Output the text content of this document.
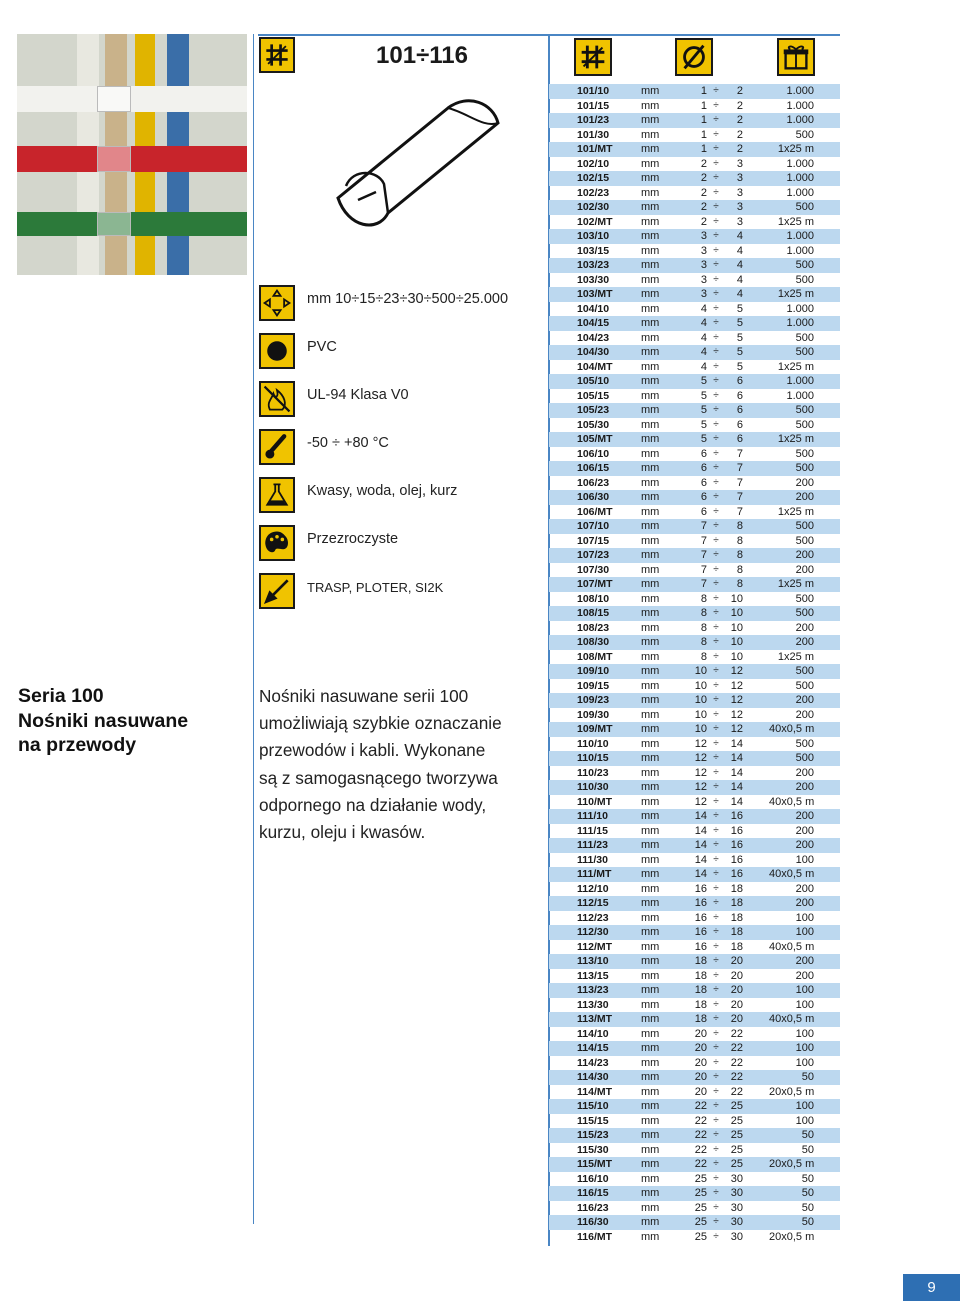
Seria 100
Nośniki nasuwane
na przewody
101÷116
mm 10÷15÷23÷30÷500÷25.000
PVC
UL-94 Klasa V0
-50 ÷ +80 °C
Kwasy, woda, olej, kurz
Przezroczyste
TRASP, PLOTER, SI2K
Nośniki nasuwane serii 100
umożliwiają szybkie oznaczanie
przewodów i kabli. Wykonane
są z samogasnącego tworzywa
odpornego na działanie wody,
kurzu, oleju i kwasów.
101/10	mm	1 ÷	2	1.000
101/15	mm	1 ÷	2	1.000
101/23	mm	1 ÷	2	1.000
101/30	mm	1 ÷	2	500
101/MT	mm	1 ÷	2	1x25 m
102/10	mm	2 ÷	3	1.000
102/15	mm	2 ÷	3	1.000
102/23	mm	2 ÷	3	1.000
102/30	mm	2 ÷	3	500
102/MT	mm	2 ÷	3	1x25 m
103/10	mm	3 ÷	4	1.000
103/15	mm	3 ÷	4	1.000
103/23	mm	3 ÷	4	500
103/30	mm	3 ÷	4	500
103/MT	mm	3 ÷	4	1x25 m
104/10	mm	4 ÷	5	1.000
104/15	mm	4 ÷	5	1.000
104/23	mm	4 ÷	5	500
104/30	mm	4 ÷	5	500
104/MT	mm	4 ÷	5	1x25 m
105/10	mm	5 ÷	6	1.000
105/15	mm	5 ÷	6	1.000
105/23	mm	5 ÷	6	500
105/30	mm	5 ÷	6	500
105/MT	mm	5 ÷	6	1x25 m
106/10	mm	6 ÷	7	500
106/15	mm	6 ÷	7	500
106/23	mm	6 ÷	7	200
106/30	mm	6 ÷	7	200
106/MT	mm	6 ÷	7	1x25 m
107/10	mm	7 ÷	8	500
107/15	mm	7 ÷	8	500
107/23	mm	7 ÷	8	200
107/30	mm	7 ÷	8	200
107/MT	mm	7 ÷	8	1x25 m
108/10	mm	8 ÷	10	500
108/15	mm	8 ÷	10	500
108/23	mm	8 ÷	10	200
108/30	mm	8 ÷	10	200
108/MT	mm	8 ÷	10	1x25 m
109/10	mm	10 ÷	12	500
109/15	mm	10 ÷	12	500
109/23	mm	10 ÷	12	200
109/30	mm	10 ÷	12	200
109/MT	mm	10 ÷	12 40x0,5 m
110/10	mm	12 ÷	14	500
110/15	mm	12 ÷	14	500
110/23	mm	12 ÷	14	200
110/30	mm	12 ÷	14	200
110/MT	mm	12 ÷	14 40x0,5 m
111/10	mm	14 ÷	16	200
111/15	mm	14 ÷	16	200
111/23	mm	14 ÷	16	200
111/30	mm	14 ÷	16	100
111/MT	mm	14 ÷	16 40x0,5 m
112/10	mm	16 ÷	18	200
112/15	mm	16 ÷	18	200
112/23	mm	16 ÷	18	100
112/30	mm	16 ÷	18	100
112/MT	mm	16 ÷	18 40x0,5 m
113/10	mm	18 ÷	20	200
113/15	mm	18 ÷	20	200
113/23	mm	18 ÷	20	100
113/30	mm	18 ÷	20	100
113/MT	mm	18 ÷	20 40x0,5 m
114/10	mm	20 ÷	22	100
114/15	mm	20 ÷	22	100
114/23	mm	20 ÷	22	100
114/30	mm	20 ÷	22	50
114/MT	mm	20 ÷	22 20x0,5 m
115/10	mm	22 ÷	25	100
115/15	mm	22 ÷	25	100
115/23	mm	22 ÷	25	50
115/30	mm	22 ÷	25	50
115/MT	mm	22 ÷	25 20x0,5 m
116/10	mm	25 ÷	30	50
116/15	mm	25 ÷	30	50
116/23	mm	25 ÷	30	50
116/30	mm	25 ÷	30	50
116/MT	mm	25 ÷	30 20x0,5 m
9
